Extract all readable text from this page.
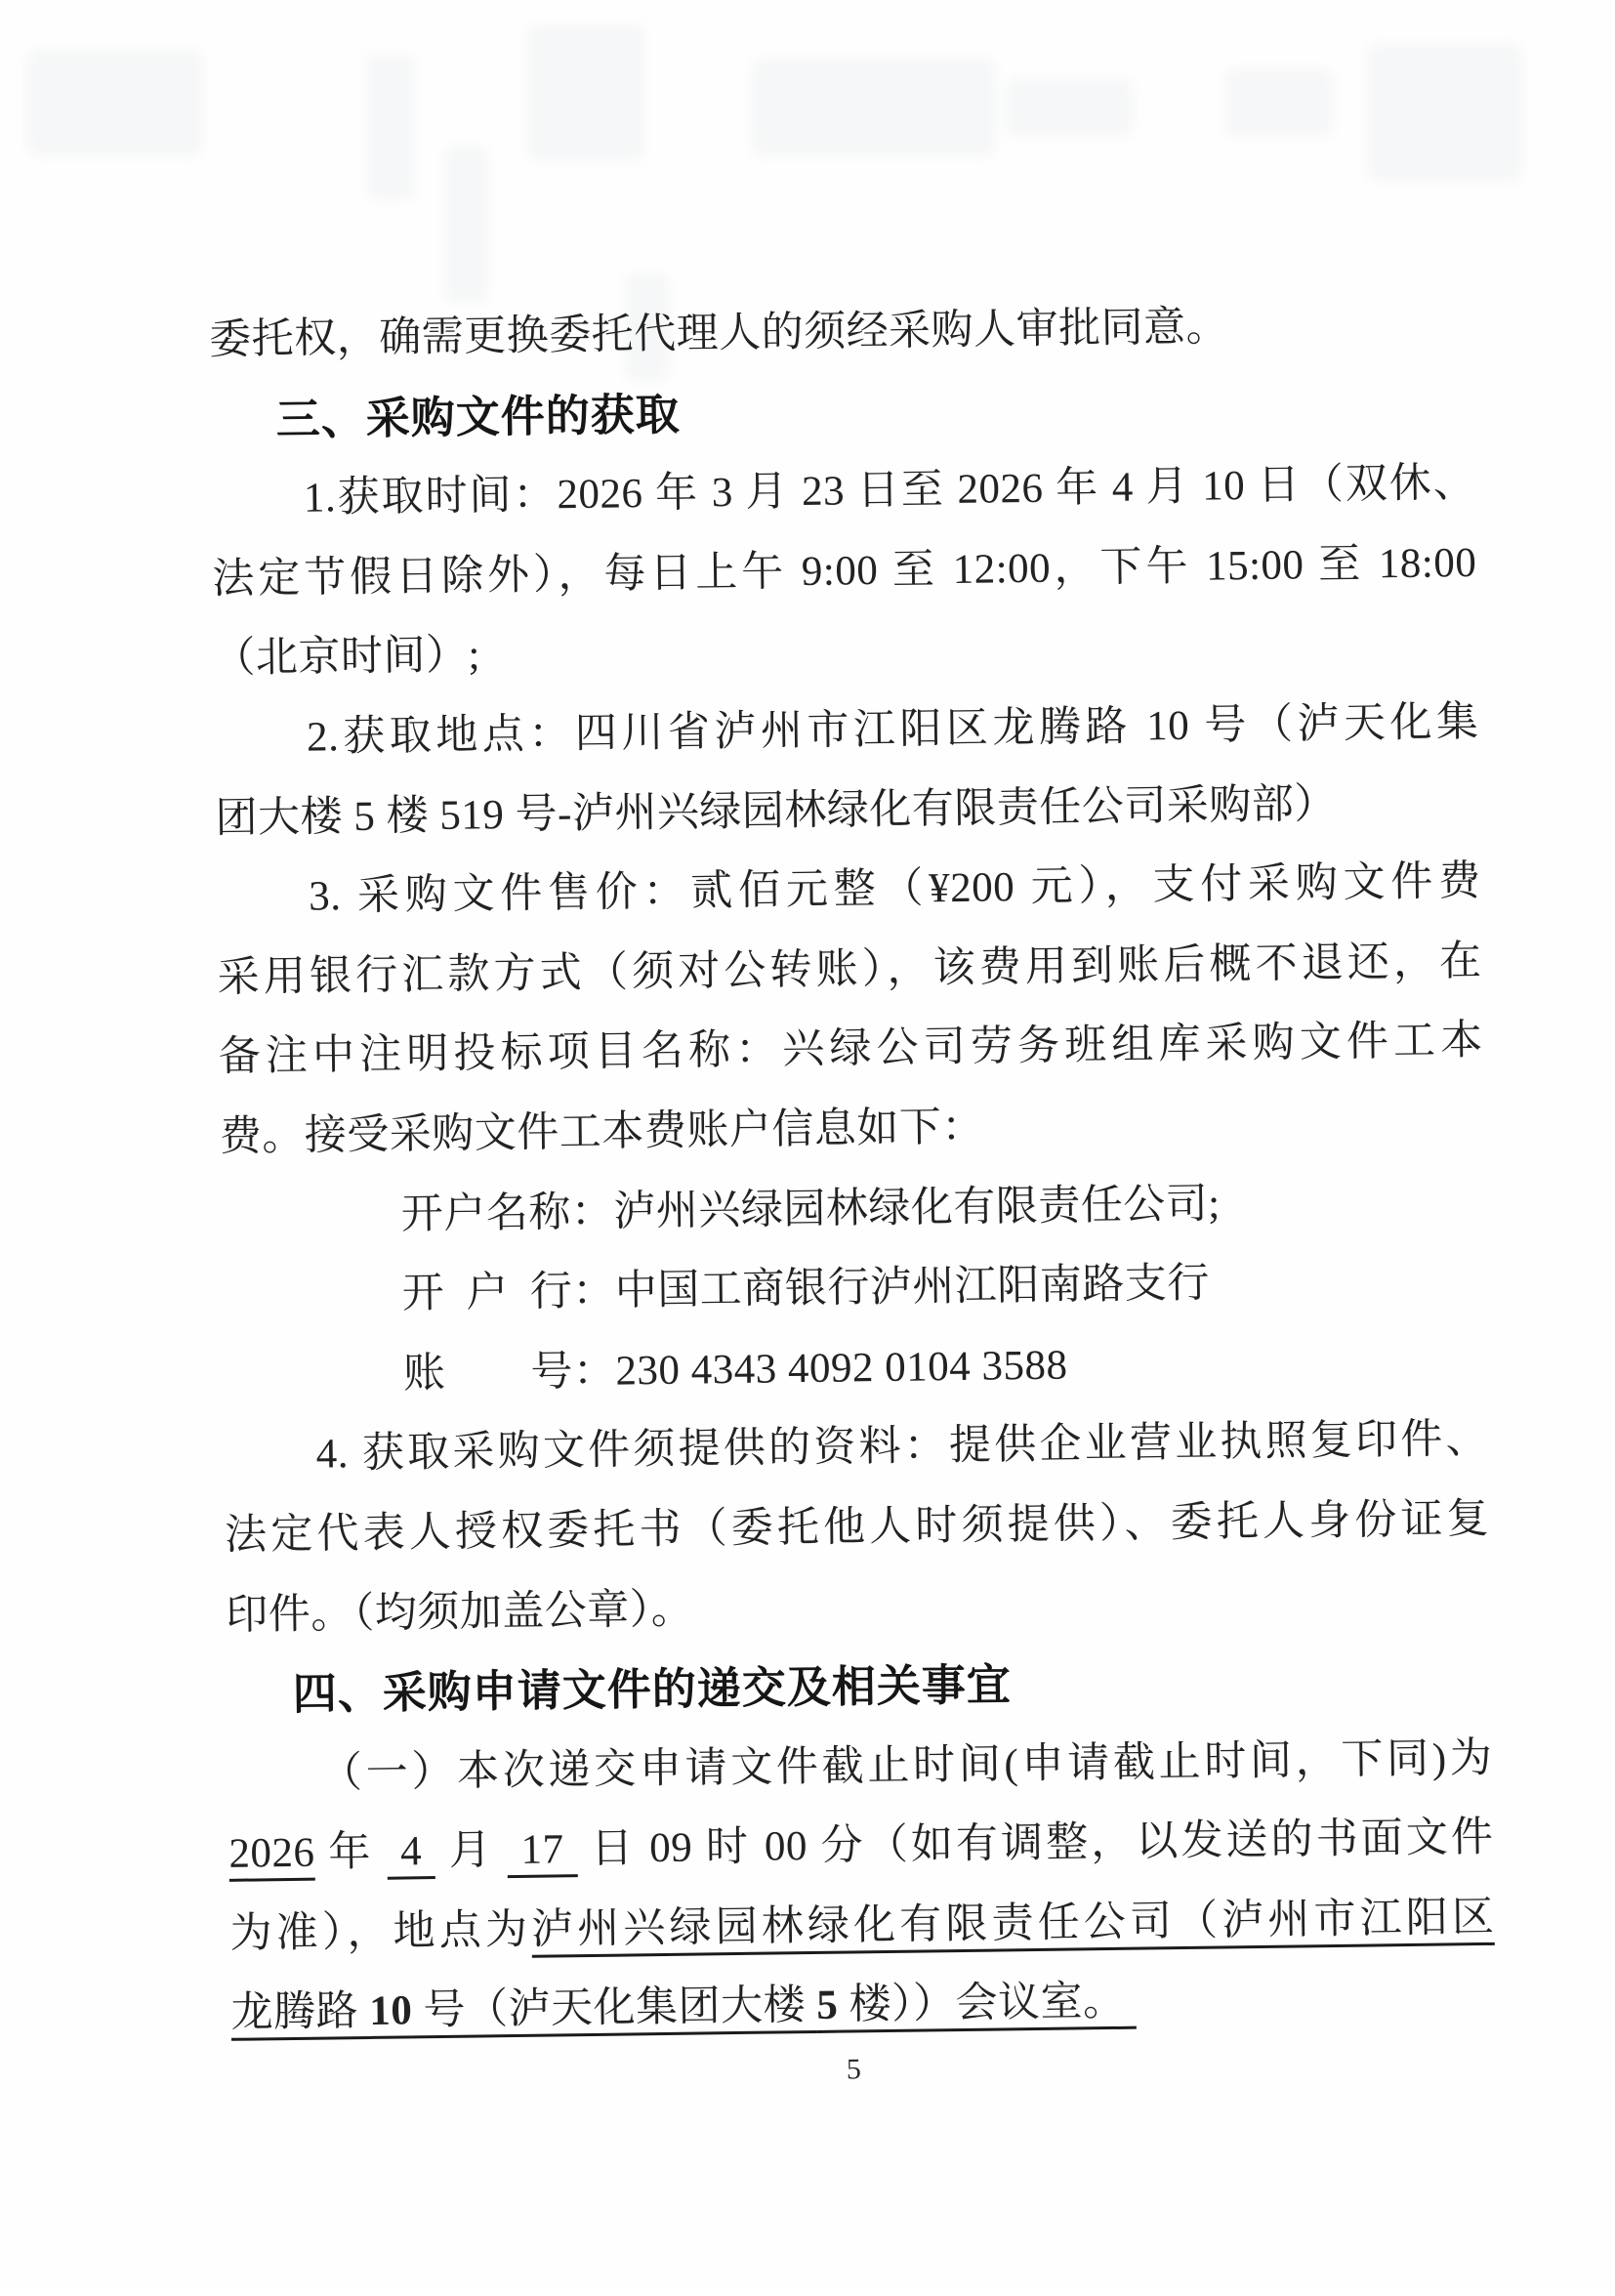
委托权，确需更换委托代理人的须经采购人审批同意。
三、采购文件的获取
1.获取时间：2026 年 3 月 23 日至 2026 年 4 月 10 日（双休、
法定节假日除外），每日上午 9:00 至 12:00，下午 15:00 至 18:00
（北京时间）;
2.获取地点：四川省泸州市江阳区龙腾路 10 号（泸天化集
团大楼 5 楼 519 号-泸州兴绿园林绿化有限责任公司采购部）
3. 采购文件售价：贰佰元整（¥200 元），支付采购文件费
采用银行汇款方式（须对公转账），该费用到账后概不退还，在
备注中注明投标项目名称：兴绿公司劳务班组库采购文件工本
费。接受采购文件工本费账户信息如下：
开户名称：泸州兴绿园林绿化有限责任公司;
开 户 行：中国工商银行泸州江阳南路支行
账　　号：230 4343 4092 0104 3588
4. 获取采购文件须提供的资料：提供企业营业执照复印件、
法定代表人授权委托书（委托他人时须提供）、委托人身份证复
印件。（均须加盖公章）。
四、采购申请文件的递交及相关事宜
（一）本次递交申请文件截止时间(申请截止时间，下同)为
2026 年  4  月  17  日 09 时 00 分（如有调整，以发送的书面文件
为准），地点为泸州兴绿园林绿化有限责任公司（泸州市江阳区
龙腾路 10 号（泸天化集团大楼 5 楼））会议室。
5
